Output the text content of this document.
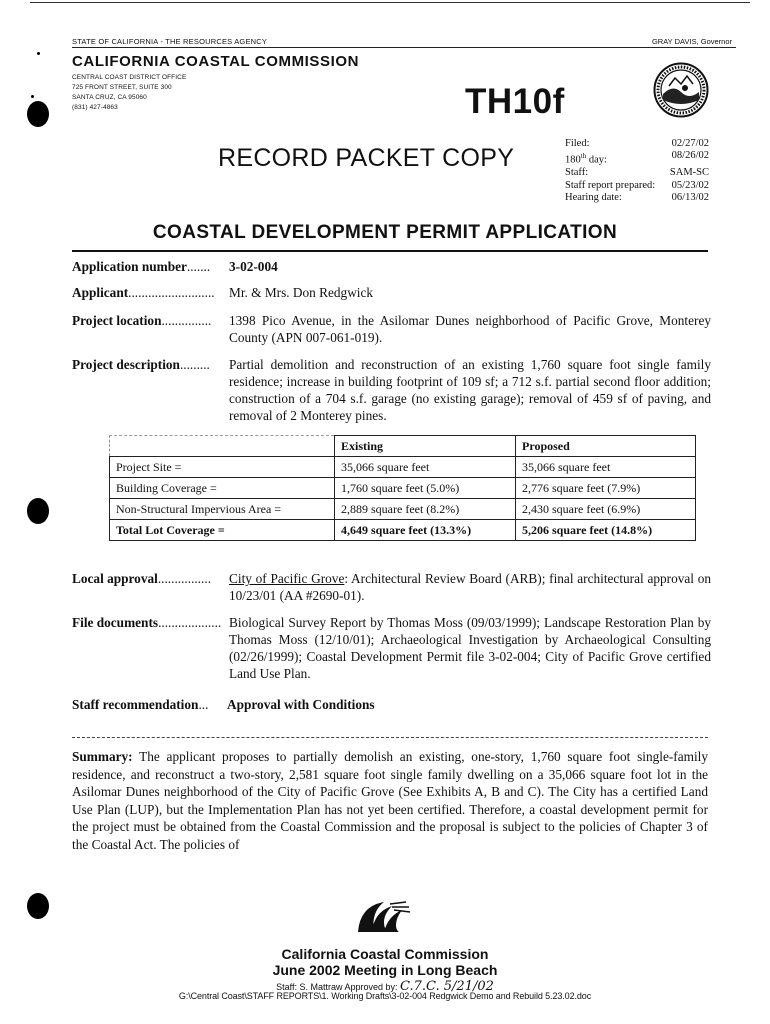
STATE OF CALIFORNIA - THE RESOURCES AGENCY	GRAY DAVIS, Governor
CALIFORNIA COASTAL COMMISSION
CENTRAL COAST DISTRICT OFFICE
725 FRONT STREET, SUITE 300
SANTA CRUZ, CA 95060
(831) 427-4863	TH10f
RECORD PACKET COPY
Filed:	02/27/02
180th day:	08/26/02
Staff:	SAM-SC
Staff report prepared: 05/23/02
Hearing date:	06/13/02
COASTAL DEVELOPMENT PERMIT APPLICATION
Application number....... 3-02-004
Applicant.......................... Mr. & Mrs. Don Redgwick
Project location............... 1398 Pico Avenue, in the Asilomar Dunes neighborhood of Pacific Grove, Monterey County (APN 007-061-019).
Project description......... Partial demolition and reconstruction of an existing 1,760 square foot single family residence; increase in building footprint of 109 sf; a 712 s.f. partial second floor addition; construction of a 704 s.f. garage (no existing garage); removal of 459 sf of paving, and removal of 2 Monterey pines.
	Existing	Proposed
Project Site =	35,066 square feet	35,066 square feet
Building Coverage =	1,760 square feet (5.0%)	2,776 square feet (7.9%)
Non-Structural Impervious Area =	2,889 square feet (8.2%)	2,430 square feet (6.9%)
Total Lot Coverage =	4,649 square feet (13.3%)	5,206 square feet (14.8%)
Local approval................ City of Pacific Grove: Architectural Review Board (ARB); final architectural approval on 10/23/01 (AA #2690-01).
File documents................... Biological Survey Report by Thomas Moss (09/03/1999); Landscape Restoration Plan by Thomas Moss (12/10/01); Archaeological Investigation by Archaeological Consulting (02/26/1999); Coastal Development Permit file 3-02-004; City of Pacific Grove certified Land Use Plan.
Staff recommendation... Approval with Conditions
Summary: The applicant proposes to partially demolish an existing, one-story, 1,760 square foot single-family residence, and reconstruct a two-story, 2,581 square foot single family dwelling on a 35,066 square foot lot in the Asilomar Dunes neighborhood of the City of Pacific Grove (See Exhibits A, B and C). The City has a certified Land Use Plan (LUP), but the Implementation Plan has not yet been certified. Therefore, a coastal development permit for the project must be obtained from the Coastal Commission and the proposal is subject to the policies of Chapter 3 of the Coastal Act. The policies of
California Coastal Commission
June 2002 Meeting in Long Beach
Staff: S. Mattraw Approved by: C.7.C. 5/21/02
G:\Central Coast\STAFF REPORTS\1. Working Drafts\3-02-004 Redgwick Demo and Rebuild 5.23.02.doc
